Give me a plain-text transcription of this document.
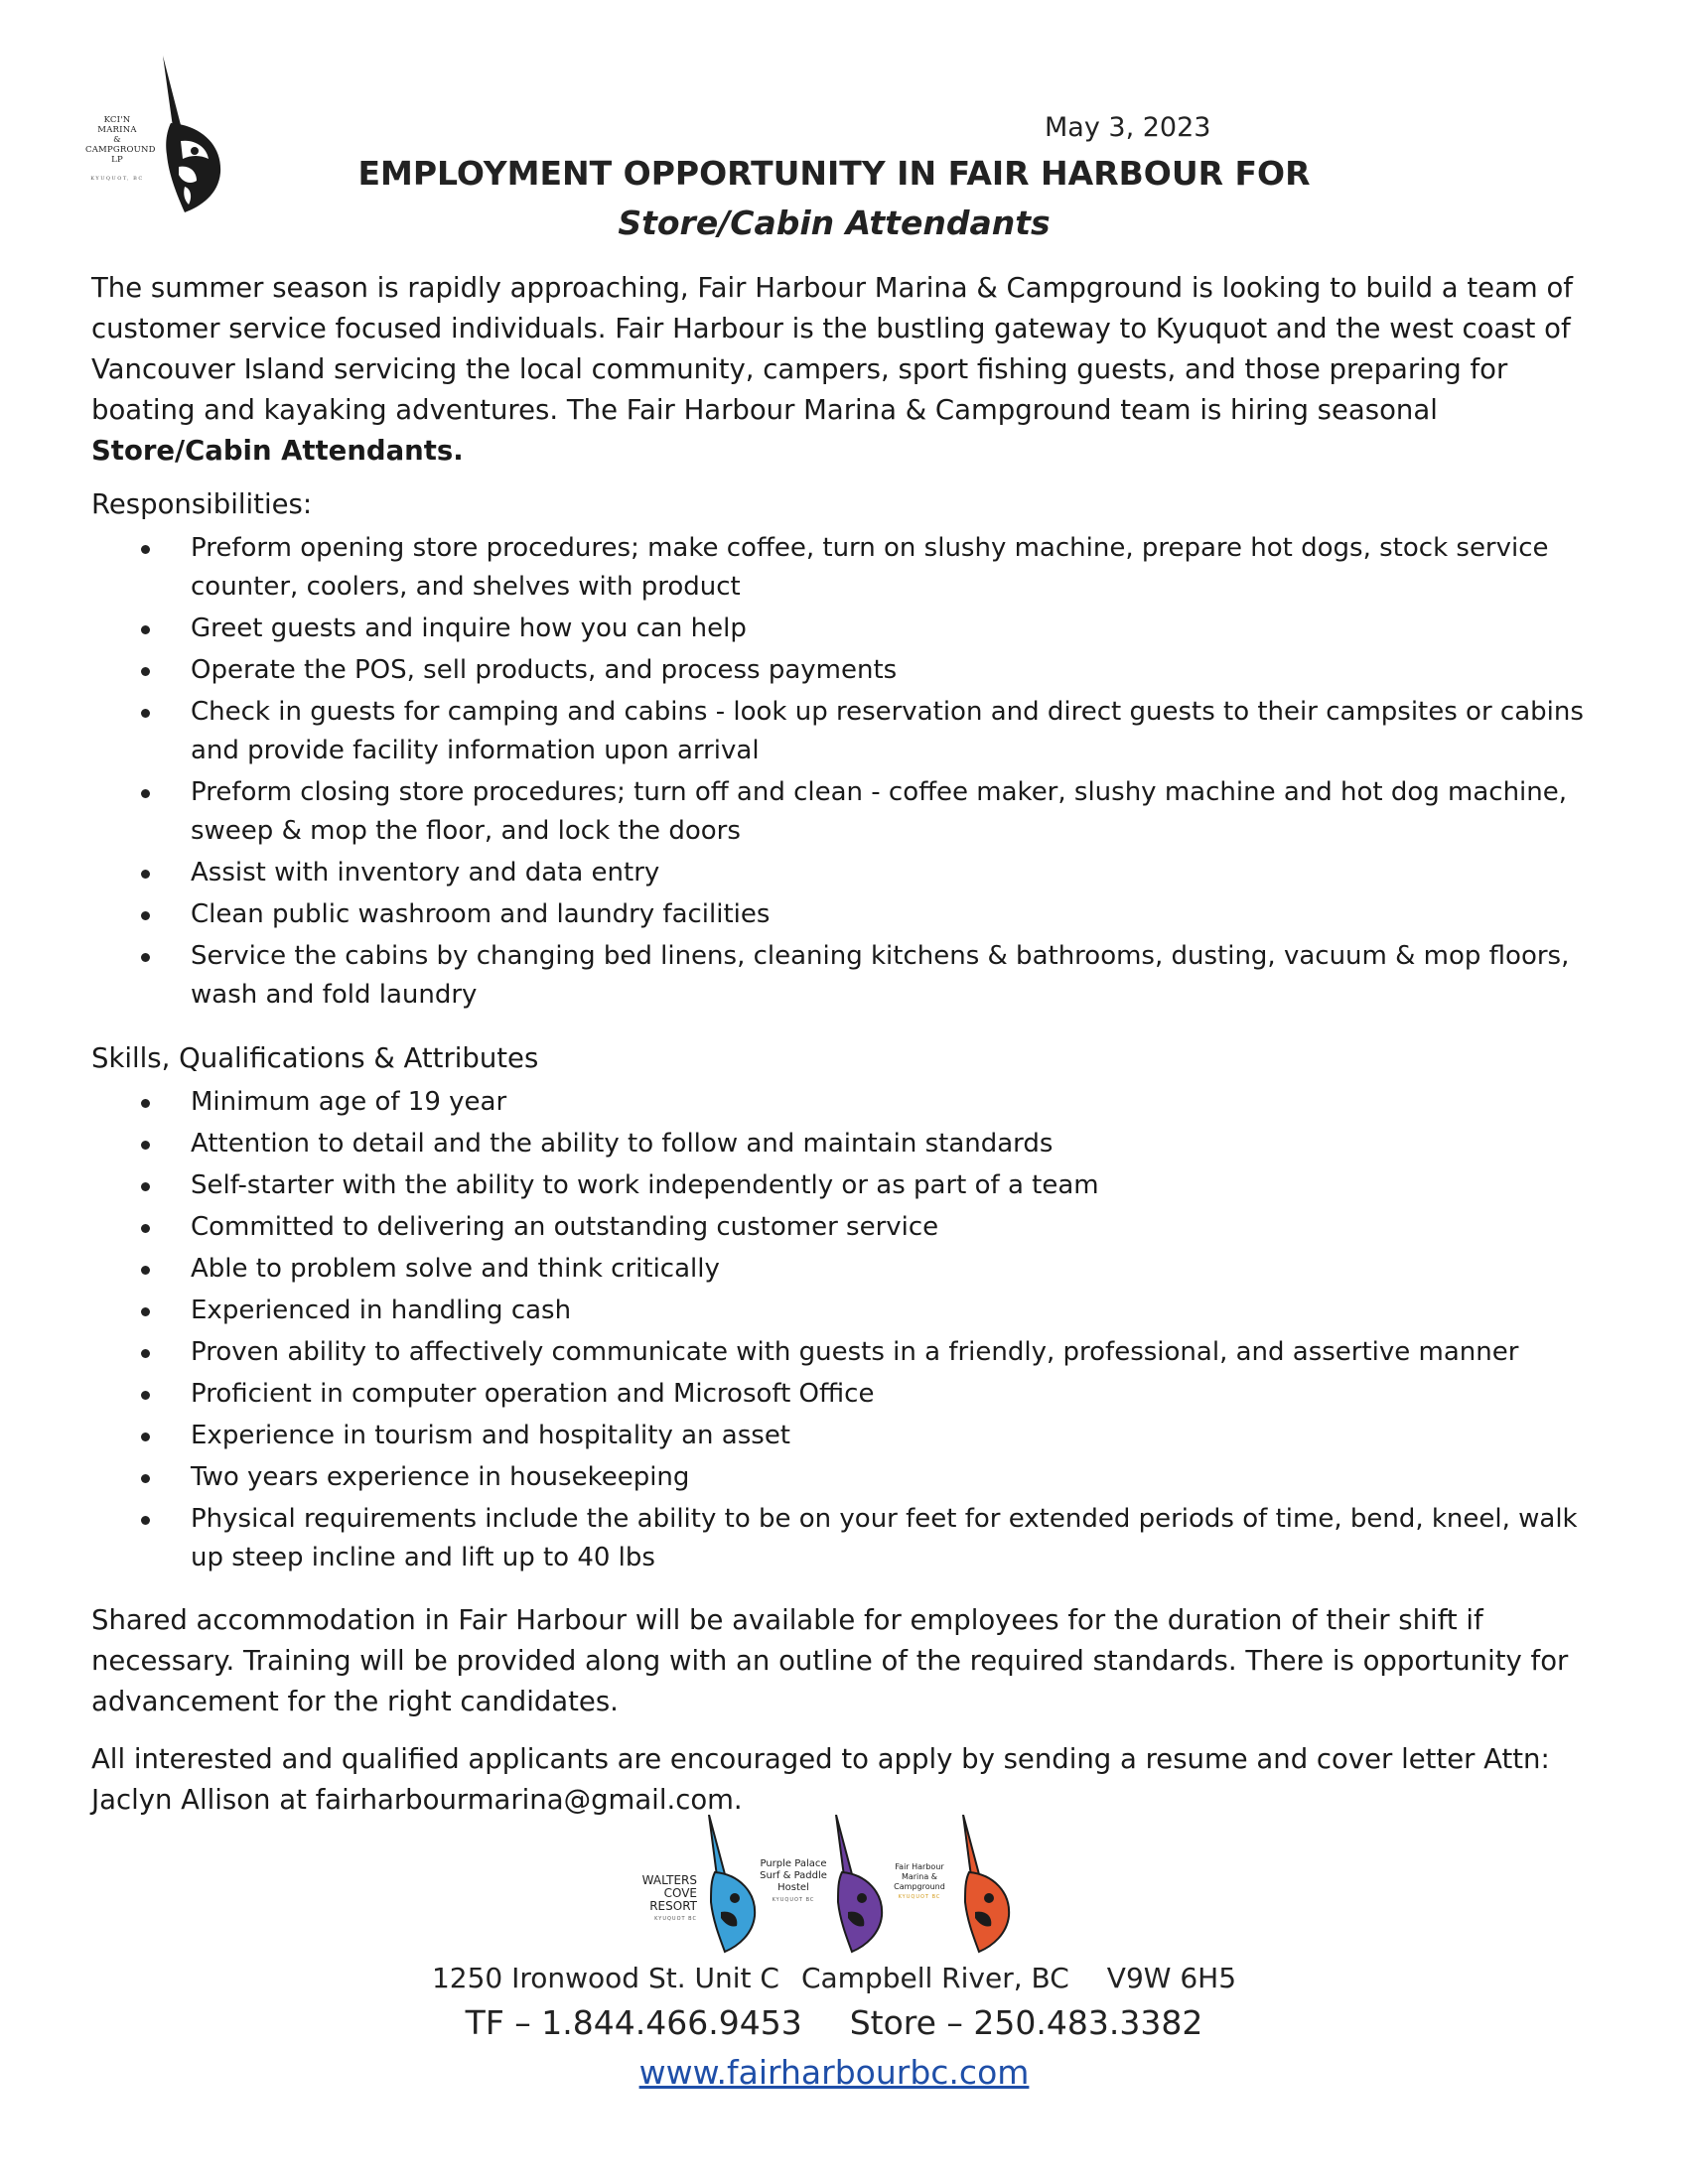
KCI'N MARINA
&
CAMPGROUND
LP
KYUQUOT, BC
May 3, 2023
EMPLOYMENT OPPORTUNITY IN FAIR HARBOUR FOR
Store/Cabin Attendants
The summer season is rapidly approaching, Fair Harbour Marina & Campground is looking to build a team of customer service focused individuals. Fair Harbour is the bustling gateway to Kyuquot and the west coast of Vancouver Island servicing the local community, campers, sport fishing guests, and those preparing for boating and kayaking adventures. The Fair Harbour Marina & Campground team is hiring seasonal Store/Cabin Attendants.
Responsibilities:
Preform opening store procedures; make coffee, turn on slushy machine, prepare hot dogs, stock service counter, coolers, and shelves with product
Greet guests and inquire how you can help
Operate the POS, sell products, and process payments
Check in guests for camping and cabins - look up reservation and direct guests to their campsites or cabins and provide facility information upon arrival
Preform closing store procedures; turn off and clean - coffee maker, slushy machine and hot dog machine, sweep & mop the floor, and lock the doors
Assist with inventory and data entry
Clean public washroom and laundry facilities
Service the cabins by changing bed linens, cleaning kitchens & bathrooms, dusting, vacuum & mop floors, wash and fold laundry
Skills, Qualifications & Attributes
Minimum age of 19 year
Attention to detail and the ability to follow and maintain standards
Self-starter with the ability to work independently or as part of a team
Committed to delivering an outstanding customer service
Able to problem solve and think critically
Experienced in handling cash
Proven ability to affectively communicate with guests in a friendly, professional, and assertive manner
Proficient in computer operation and Microsoft Office
Experience in tourism and hospitality an asset
Two years experience in housekeeping
Physical requirements include the ability to be on your feet for extended periods of time, bend, kneel, walk up steep incline and lift up to 40 lbs
Shared accommodation in Fair Harbour will be available for employees for the duration of their shift if necessary. Training will be provided along with an outline of the required standards. There is opportunity for advancement for the right candidates.
All interested and qualified applicants are encouraged to apply by sending a resume and cover letter Attn: Jaclyn Allison at fairharbourmarina@gmail.com.
WALTERS
COVE
RESORT
KYUQUOT BC
Purple Palace
Surf & Paddle
Hostel
KYUQUOT BC
Fair Harbour
Marina &
Campground
KYUQUOT BC
1250 Ironwood St. Unit C Campbell River, BC V9W 6H5
TF – 1.844.466.9453 Store – 250.483.3382
www.fairharbourbc.com
